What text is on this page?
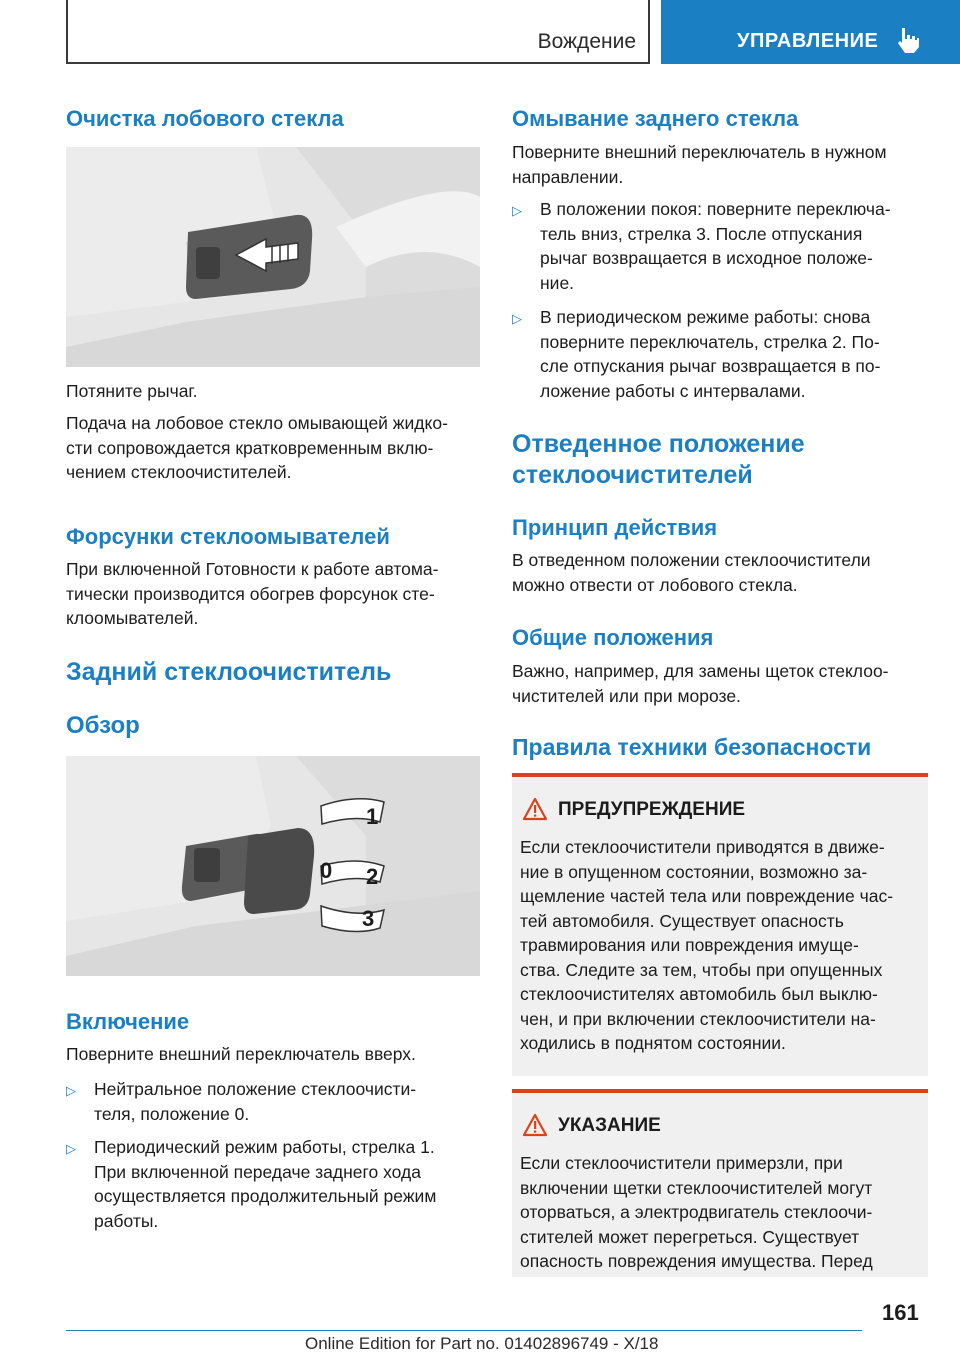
Вождение	УПРАВЛЕНИЕ
Очистка лобового стекла
Потяните рычаг.
Подача на лобовое стекло омывающей жидко-
сти сопровождается кратковременным вклю-
чением стеклоочистителей.
Форсунки стеклоомывателей
При включенной Готовности к работе автома-
тически производится обогрев форсунок сте-
клоомывателей.
Задний стеклоочиститель
Обзор
1
0 2
3
Включение
Поверните внешний переключатель вверх.
▷ Нейтральное положение стеклоочисти-
теля, положение 0.
▷ Периодический режим работы, стрелка 1.
При включенной передаче заднего хода
осуществляется продолжительный режим
работы.
Омывание заднего стекла
Поверните внешний переключатель в нужном
направлении.
▷ В положении покоя: поверните переключа-
тель вниз, стрелка 3. После отпускания
рычаг возвращается в исходное положе-
ние.
▷ В периодическом режиме работы: снова
поверните переключатель, стрелка 2. По-
сле отпускания рычаг возвращается в по-
ложение работы с интервалами.
Отведенное положение
стеклоочистителей
Принцип действия
В отведенном положении стеклоочистители
можно отвести от лобового стекла.
Общие положения
Важно, например, для замены щеток стеклоо-
чистителей или при морозе.
Правила техники безопасности
ПРЕДУПРЕЖДЕНИЕ
Если стеклоочистители приводятся в движе-
ние в опущенном состоянии, возможно за-
щемление частей тела или повреждение час-
тей автомобиля. Существует опасность
травмирования или повреждения имуще-
ства. Следите за тем, чтобы при опущенных
стеклоочистителях автомобиль был выклю-
чен, и при включении стеклоочистители на-
ходились в поднятом состоянии.
УКАЗАНИЕ
Если стеклоочистители примерзли, при
включении щетки стеклоочистителей могут
оторваться, а электродвигатель стеклоочи-
стителей может перегреться. Существует
опасность повреждения имущества. Перед
161
Online Edition for Part no. 01402896749 - X/18
